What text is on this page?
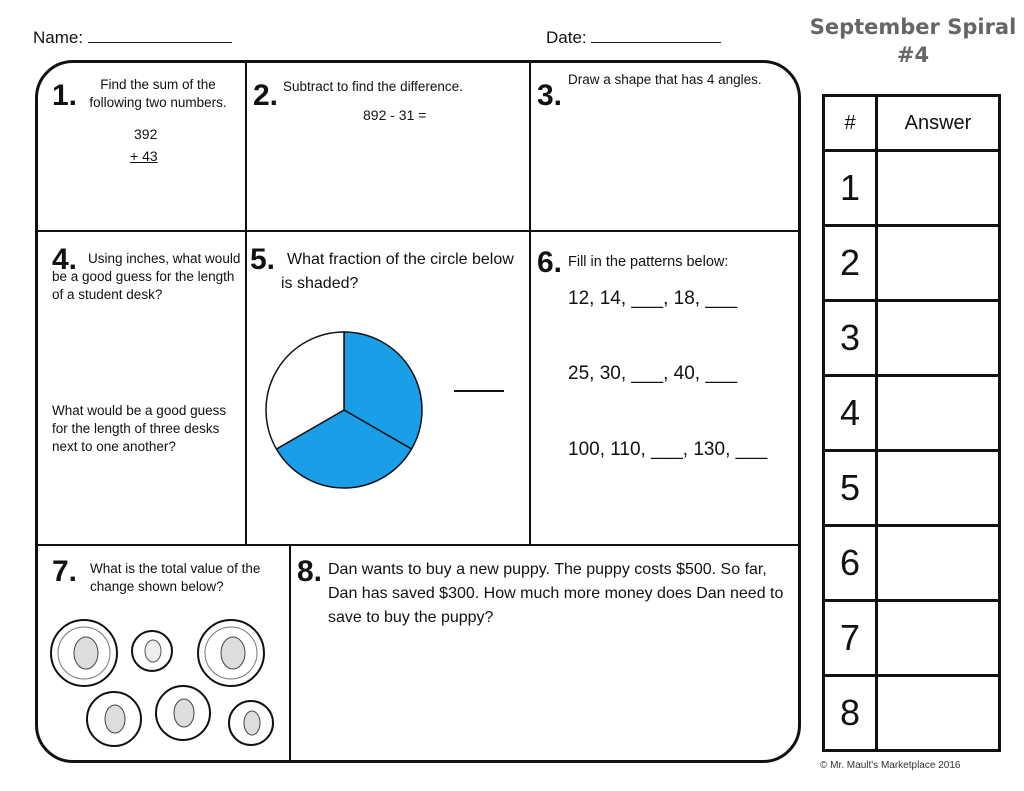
Name:	Date:	September Spiral
#4
1.	Find the sum of the following two numbers.
392
+ 43
2. Subtract to find the difference.
892 - 31 =
3. Draw a shape that has 4 angles.
4. Using inches, what would be a good guess for the length of a student desk?
What would be a good guess for the length of three desks next to one another?
5. What fraction of the circle below is shaded?
6. Fill in the patterns below:
12, 14, ___, 18, ___
25, 30, ___, 40, ___
100, 110, ___, 130, ___
7. What is the total value of the change shown below?	8. Dan wants to buy a new puppy. The puppy costs $500. So far, Dan has saved $300. How much more money does Dan need to save to buy the puppy?
#	Answer
1	
2	
3	
4	
5	
6	
7	
8	
© Mr. Mault's Marketplace 2016
